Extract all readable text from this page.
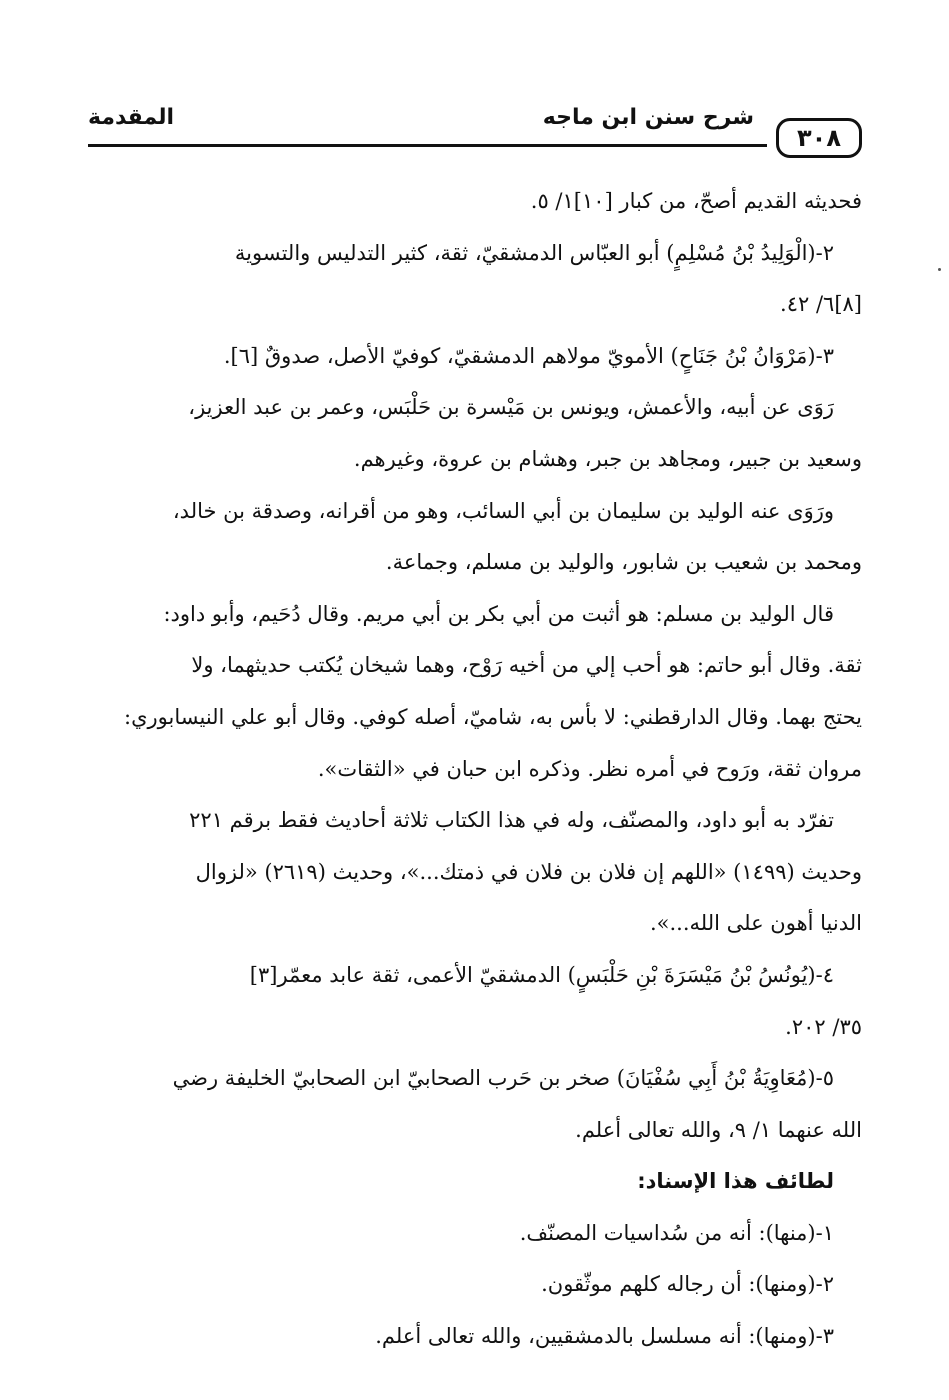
٣٠٨
شرح سنن ابن ماجه
المقدمة
فحديثه القديم أصحّ، من كبار [١٠]١/ ٥.
٢-(الْوَلِيدُ بْنُ مُسْلِمٍ) أبو العبّاس الدمشقيّ، ثقة، كثير التدليس والتسوية
[٨]٦/ ٤٢.
٣-(مَرْوَانُ بْنُ جَنَاحٍ) الأمويّ مولاهم الدمشقيّ، كوفيّ الأصل، صدوقٌ [٦].
رَوَى عن أبيه، والأعمش، ويونس بن مَيْسرة بن حَلْبَس، وعمر بن عبد العزيز،
وسعيد بن جبير، ومجاهد بن جبر، وهشام بن عروة، وغيرهم.
ورَوَى عنه الوليد بن سليمان بن أبي السائب، وهو من أقرانه، وصدقة بن خالد،
ومحمد بن شعيب بن شابور، والوليد بن مسلم، وجماعة.
قال الوليد بن مسلم: هو أثبت من أبي بكر بن أبي مريم. وقال دُحَيم، وأبو داود:
ثقة. وقال أبو حاتم: هو أحب إلي من أخيه رَوْح، وهما شيخان يُكتب حديثهما، ولا
يحتج بهما. وقال الدارقطني: لا بأس به، شاميّ، أصله كوفي. وقال أبو علي النيسابوري:
مروان ثقة، ورَوح في أمره نظر. وذكره ابن حبان في «الثقات».
تفرّد به أبو داود، والمصنّف، وله في هذا الكتاب ثلاثة أحاديث فقط برقم ٢٢١
وحديث (١٤٩٩) «اللهم إن فلان بن فلان في ذمتك...»، وحديث (٢٦١٩) «لزوال
الدنيا أهون على الله...».
٤-(يُونُسُ بْنُ مَيْسَرَةَ بْنِ حَلْبَسٍ) الدمشقيّ الأعمى، ثقة عابد معمّر[٣]
٣٥/ ٢٠٢.
٥-(مُعَاوِيَةُ بْنُ أَبِي سُفْيَانَ) صخر بن حَرب الصحابيّ ابن الصحابيّ الخليفة رضي
الله عنهما ١/ ٩، والله تعالى أعلم.
لطائف هذا الإسناد:
١-(منها): أنه من سُداسيات المصنّف.
٢-(ومنها): أن رجاله كلهم موثّقون.
٣-(ومنها): أنه مسلسل بالدمشقيين، والله تعالى أعلم.
